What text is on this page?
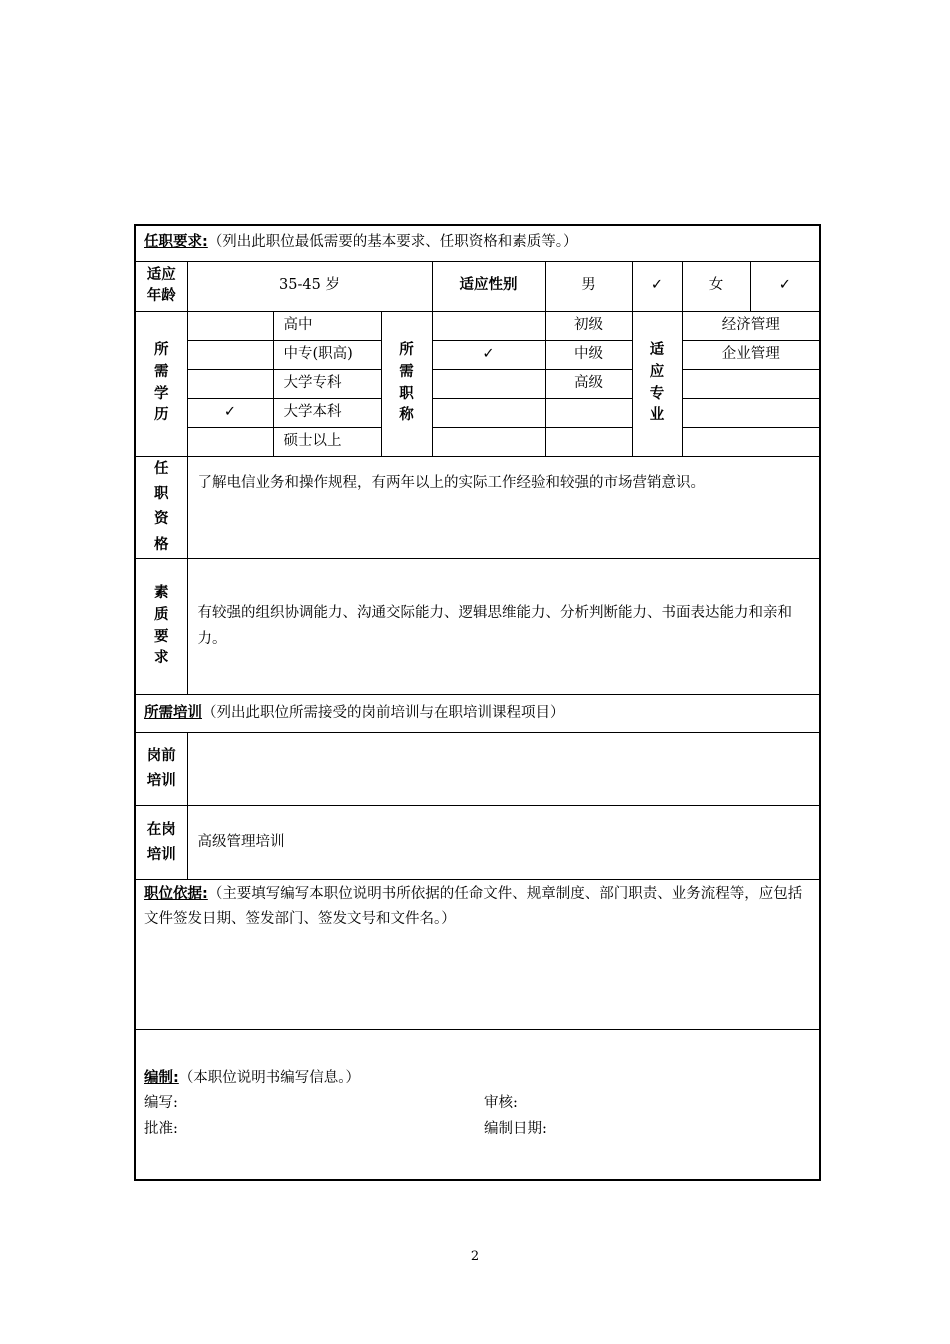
任职要求:（列出此职位最低需要的基本要求、任职资格和素质等。）								
适应年龄	35-45 岁			适应性别	男	✓	女	✓
所需学历		高中	所需职称		初级	适应专业	经济管理	
		中专(职高)		✓	中级		企业管理	
		大学专科			高级			
	✓	大学本科						
		硕士以上						
任职资格	了解电信业务和操作规程，有两年以上的实际工作经验和较强的市场营销意识。							
素质要求	有较强的组织协调能力、沟通交际能力、逻辑思维能力、分析判断能力、书面表达能力和亲和力。							
所需培训（列出此职位所需接受的岗前培训与在职培训课程项目）								
岗前培训								
在岗培训	高级管理培训							
职位依据:（主要填写编写本职位说明书所依据的任命文件、规章制度、部门职责、业务流程等，应包括文件签发日期、签发部门、签发文号和文件名。）								

编制:（本职位说明书编写信息。）
编写: 审核:
批准: 编制日期:								
2
